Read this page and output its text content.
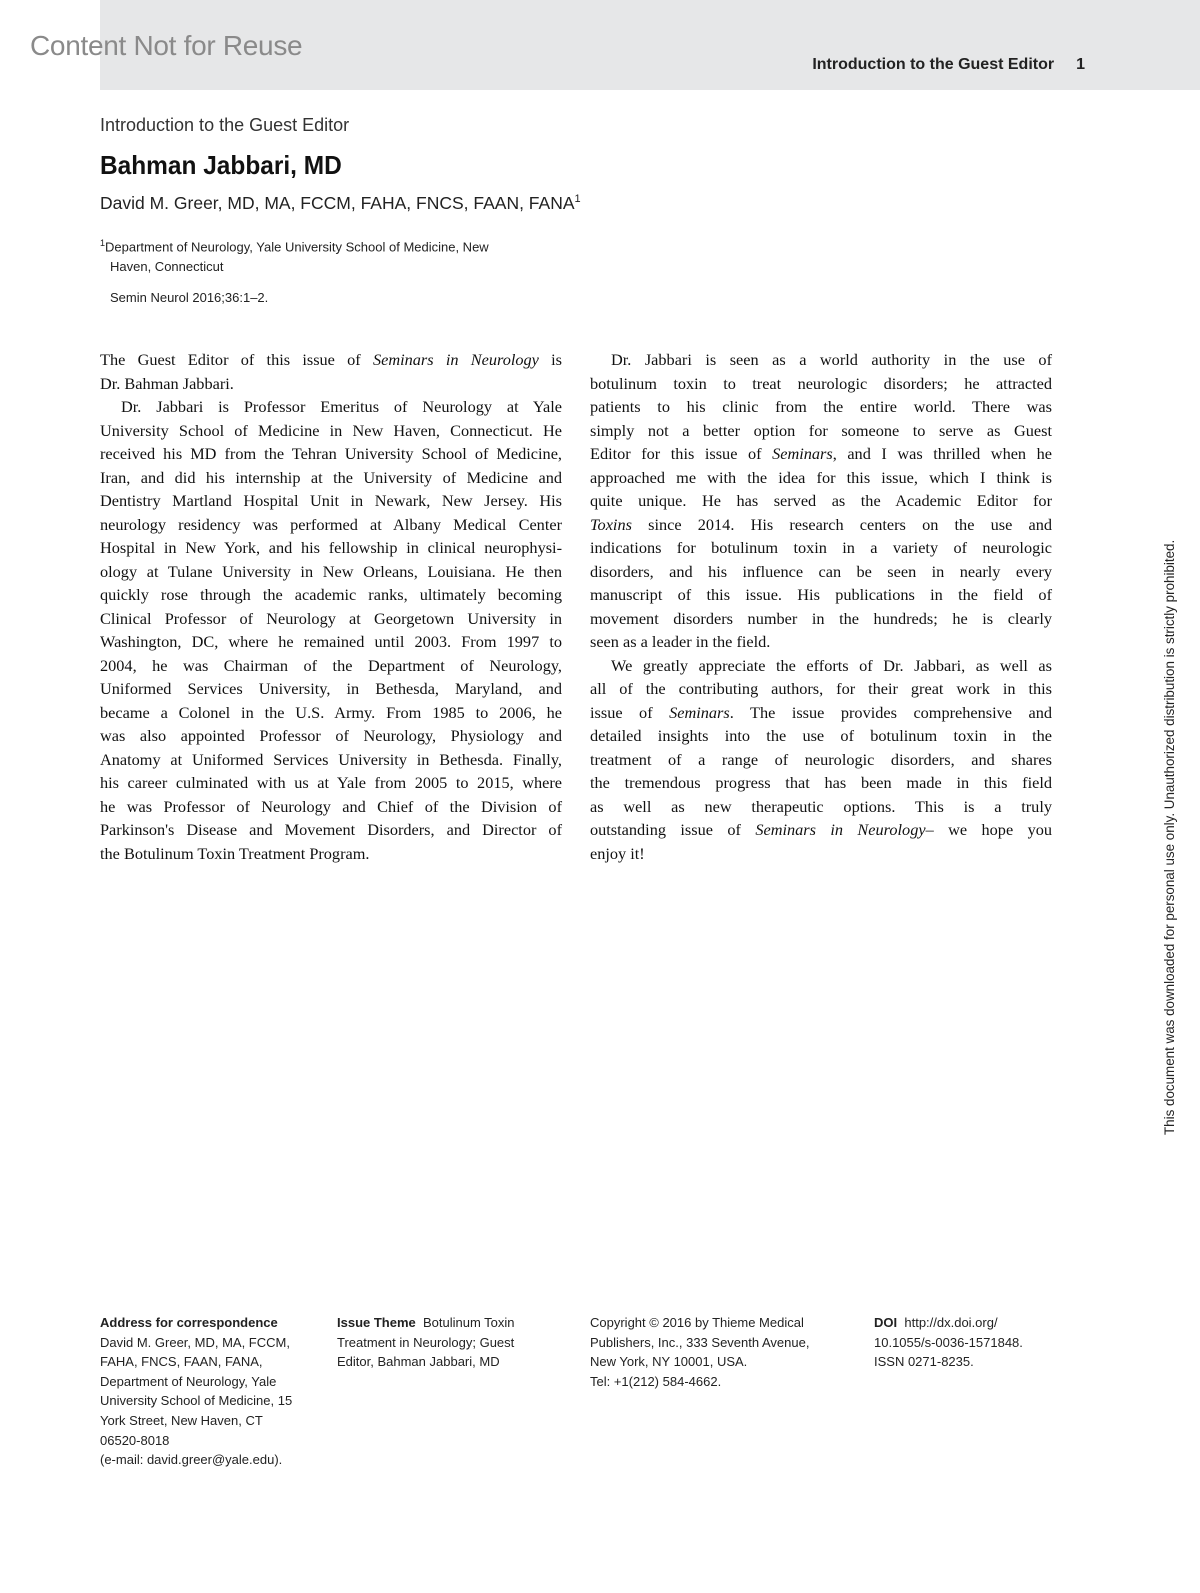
Content Not for Reuse
Introduction to the Guest Editor 1
Introduction to the Guest Editor
Bahman Jabbari, MD
David M. Greer, MD, MA, FCCM, FAHA, FNCS, FAAN, FANA$^1$
$^1$Department of Neurology, Yale University School of Medicine, New
Haven, Connecticut
Semin Neurol 2016;36:1–2.
The Guest Editor of this issue of Seminars in Neurology is
Dr. Bahman Jabbari.
Dr. Jabbari is Professor Emeritus of Neurology at Yale
University School of Medicine in New Haven, Connecticut. He
received his MD from the Tehran University School of Medicine,
Iran, and did his internship at the University of Medicine and
Dentistry Martland Hospital Unit in Newark, New Jersey. His
neurology residency was performed at Albany Medical Center
Hospital in New York, and his fellowship in clinical neurophysi-
ology at Tulane University in New Orleans, Louisiana. He then
quickly rose through the academic ranks, ultimately becoming
Clinical Professor of Neurology at Georgetown University in
Washington, DC, where he remained until 2003. From 1997 to
2004, he was Chairman of the Department of Neurology,
Uniformed Services University, in Bethesda, Maryland, and
became a Colonel in the U.S. Army. From 1985 to 2006, he
was also appointed Professor of Neurology, Physiology and
Anatomy at Uniformed Services University in Bethesda. Finally,
his career culminated with us at Yale from 2005 to 2015, where
he was Professor of Neurology and Chief of the Division of
Parkinson's Disease and Movement Disorders, and Director of
the Botulinum Toxin Treatment Program.
Dr. Jabbari is seen as a world authority in the use of
botulinum toxin to treat neurologic disorders; he attracted
patients to his clinic from the entire world. There was
simply not a better option for someone to serve as Guest
Editor for this issue of Seminars, and I was thrilled when he
approached me with the idea for this issue, which I think is
quite unique. He has served as the Academic Editor for
Toxins since 2014. His research centers on the use and
indications for botulinum toxin in a variety of neurologic
disorders, and his influence can be seen in nearly every
manuscript of this issue. His publications in the field of
movement disorders number in the hundreds; he is clearly
seen as a leader in the field.
We greatly appreciate the efforts of Dr. Jabbari, as well as
all of the contributing authors, for their great work in this
issue of Seminars. The issue provides comprehensive and
detailed insights into the use of botulinum toxin in the
treatment of a range of neurologic disorders, and shares
the tremendous progress that has been made in this field
as well as new therapeutic options. This is a truly
outstanding issue of Seminars in Neurology– we hope you
enjoy it!	This document was downloaded for personal use only. Unauthorized distribution is strictly prohibited.
Address for correspondence
David M. Greer, MD, MA, FCCM,
FAHA, FNCS, FAAN, FANA,
Department of Neurology, Yale
University School of Medicine, 15
York Street, New Haven, CT
06520-8018
(e-mail: david.greer@yale.edu).
Issue Theme Botulinum Toxin
Treatment in Neurology; Guest
Editor, Bahman Jabbari, MD
Copyright © 2016 by Thieme Medical
Publishers, Inc., 333 Seventh Avenue,
New York, NY 10001, USA.
Tel: +1(212) 584-4662.
DOI http://dx.doi.org/
10.1055/s-0036-1571848.
ISSN 0271-8235.
